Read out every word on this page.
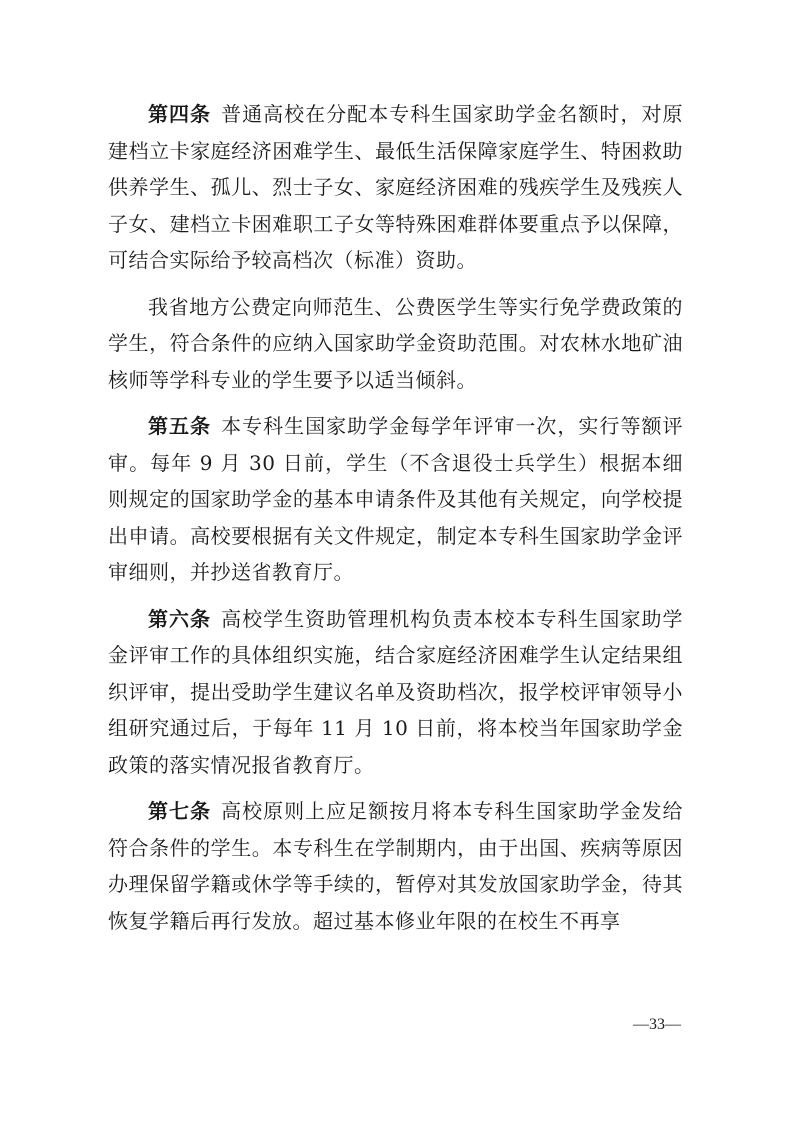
第四条 普通高校在分配本专科生国家助学金名额时，对原建档立卡家庭经济困难学生、最低生活保障家庭学生、特困救助供养学生、孤儿、烈士子女、家庭经济困难的残疾学生及残疾人子女、建档立卡困难职工子女等特殊困难群体要重点予以保障，可结合实际给予较高档次（标准）资助。

我省地方公费定向师范生、公费医学生等实行免学费政策的学生，符合条件的应纳入国家助学金资助范围。对农林水地矿油核师等学科专业的学生要予以适当倾斜。

第五条 本专科生国家助学金每学年评审一次，实行等额评审。每年 9 月 30 日前，学生（不含退役士兵学生）根据本细则规定的国家助学金的基本申请条件及其他有关规定，向学校提出申请。高校要根据有关文件规定，制定本专科生国家助学金评审细则，并抄送省教育厅。

第六条 高校学生资助管理机构负责本校本专科生国家助学金评审工作的具体组织实施，结合家庭经济困难学生认定结果组织评审，提出受助学生建议名单及资助档次，报学校评审领导小组研究通过后，于每年 11 月 10 日前，将本校当年国家助学金政策的落实情况报省教育厅。

第七条 高校原则上应足额按月将本专科生国家助学金发给符合条件的学生。本专科生在学制期内，由于出国、疾病等原因办理保留学籍或休学等手续的，暂停对其发放国家助学金，待其恢复学籍后再行发放。超过基本修业年限的在校生不再享

—33—
